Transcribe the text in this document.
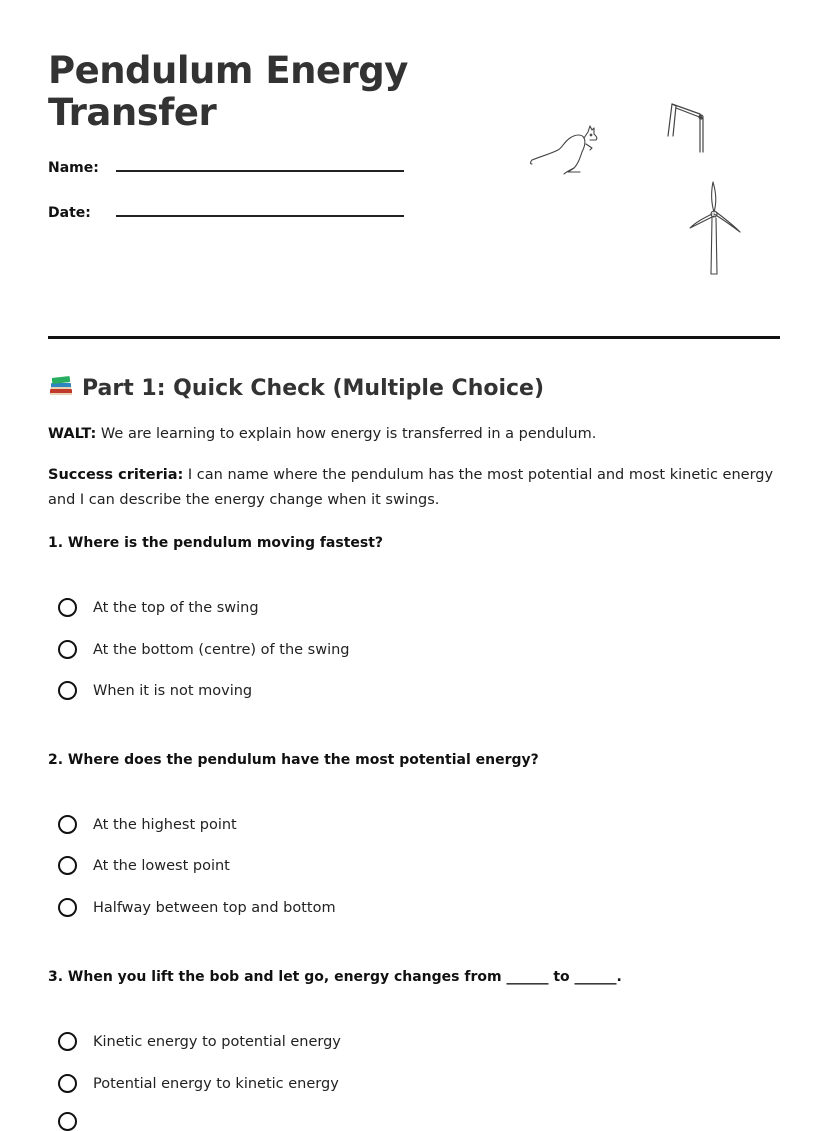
Pendulum Energy Transfer
Name:
Date:
Part 1: Quick Check (Multiple Choice)
WALT: We are learning to explain how energy is transferred in a pendulum.
Success criteria: I can name where the pendulum has the most potential and most kinetic energy and I can describe the energy change when it swings.
1. Where is the pendulum moving fastest?
At the top of the swing
At the bottom (centre) of the swing
When it is not moving
2. Where does the pendulum have the most potential energy?
At the highest point
At the lowest point
Halfway between top and bottom
3. When you lift the bob and let go, energy changes from ______ to ______.
Kinetic energy to potential energy
Potential energy to kinetic energy
